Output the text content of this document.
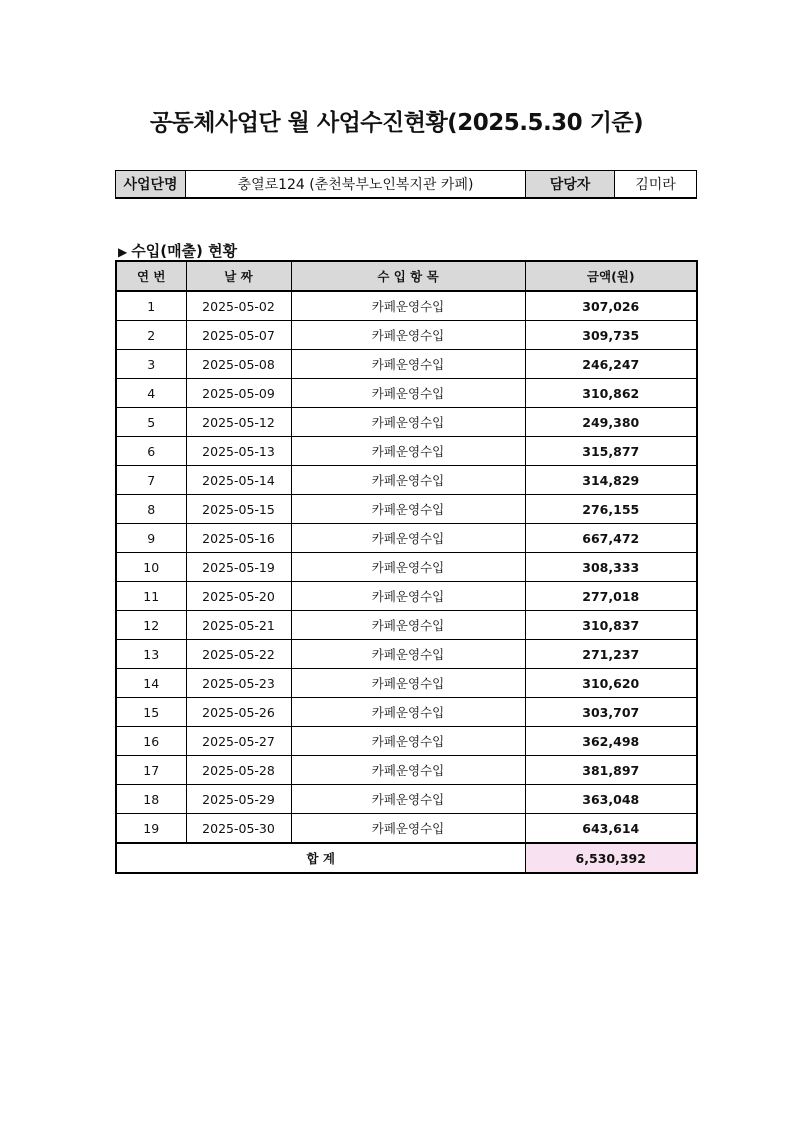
공동체사업단 월 사업수진현황(2025.5.30 기준)
사업단명	충열로124 (춘천북부노인복지관 카페)	담당자	김미라
▶ 수입(매출) 현황
연 번	날 짜	수 입 항 목	금액(원)
1	2025-05-02	카페운영수입	307,026
2	2025-05-07	카페운영수입	309,735
3	2025-05-08	카페운영수입	246,247
4	2025-05-09	카페운영수입	310,862
5	2025-05-12	카페운영수입	249,380
6	2025-05-13	카페운영수입	315,877
7	2025-05-14	카페운영수입	314,829
8	2025-05-15	카페운영수입	276,155
9	2025-05-16	카페운영수입	667,472
10	2025-05-19	카페운영수입	308,333
11	2025-05-20	카페운영수입	277,018
12	2025-05-21	카페운영수입	310,837
13	2025-05-22	카페운영수입	271,237
14	2025-05-23	카페운영수입	310,620
15	2025-05-26	카페운영수입	303,707
16	2025-05-27	카페운영수입	362,498
17	2025-05-28	카페운영수입	381,897
18	2025-05-29	카페운영수입	363,048
19	2025-05-30	카페운영수입	643,614
합 계			6,530,392
